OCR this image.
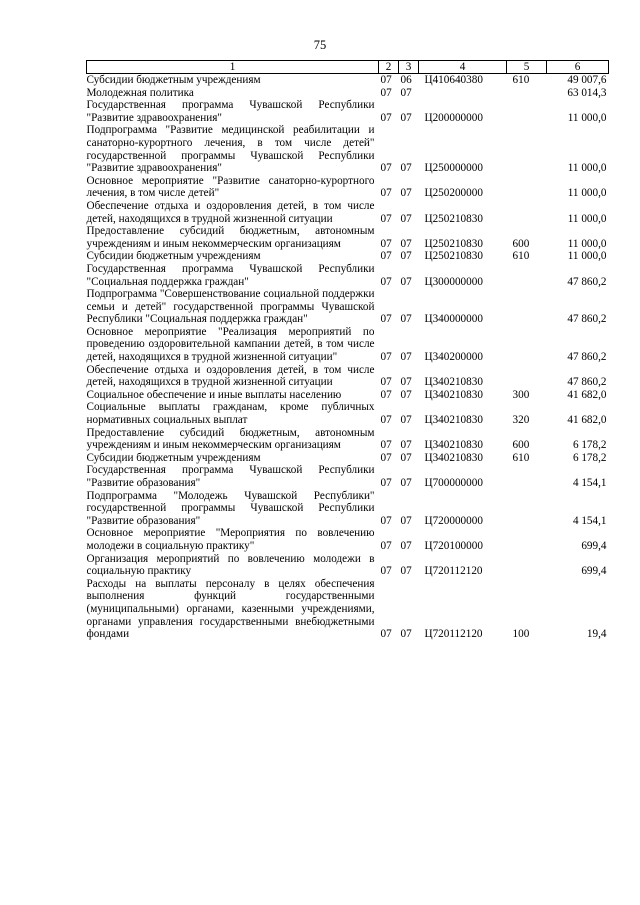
75
1	2	3	4	5	6
Субсидии бюджетным учреждениям	07	06	Ц410640380	610	49 007,6
Молодежная политика	07	07			63 014,3
Государственная программа Чувашской Республики "Развитие здравоохранения"	07	07	Ц200000000		11 000,0
Подпрограмма "Развитие медицинской реабилитации и санаторно-курортного лечения, в том числе детей" государственной программы Чувашской Республики "Развитие здравоохранения"	07	07	Ц250000000		11 000,0
Основное мероприятие "Развитие санаторно-курортного лечения, в том числе детей"	07	07	Ц250200000		11 000,0
Обеспечение отдыха и оздоровления детей, в том числе детей, находящихся в трудной жизненной ситуации	07	07	Ц250210830		11 000,0
Предоставление субсидий бюджетным, автономным учреждениям и иным некоммерческим организациям	07	07	Ц250210830	600	11 000,0
Субсидии бюджетным учреждениям	07	07	Ц250210830	610	11 000,0
Государственная программа Чувашской Республики "Социальная поддержка граждан"	07	07	Ц300000000		47 860,2
Подпрограмма "Совершенствование социальной поддержки семьи и детей" государственной программы Чувашской Республики "Социальная поддержка граждан"	07	07	Ц340000000		47 860,2
Основное мероприятие "Реализация мероприятий по проведению оздоровительной кампании детей, в том числе детей, находящихся в трудной жизненной ситуации"	07	07	Ц340200000		47 860,2
Обеспечение отдыха и оздоровления детей, в том числе детей, находящихся в трудной жизненной ситуации	07	07	Ц340210830		47 860,2
Социальное обеспечение и иные выплаты населению	07	07	Ц340210830	300	41 682,0
Социальные выплаты гражданам, кроме публичных нормативных социальных выплат	07	07	Ц340210830	320	41 682,0
Предоставление субсидий бюджетным, автономным учреждениям и иным некоммерческим организациям	07	07	Ц340210830	600	6 178,2
Субсидии бюджетным учреждениям	07	07	Ц340210830	610	6 178,2
Государственная программа Чувашской Республики "Развитие образования"	07	07	Ц700000000		4 154,1
Подпрограмма "Молодежь Чувашской Республики" государственной программы Чувашской Республики "Развитие образования"	07	07	Ц720000000		4 154,1
Основное мероприятие "Мероприятия по вовлечению молодежи в социальную практику"	07	07	Ц720100000		699,4
Организация мероприятий по вовлечению молодежи в социальную практику	07	07	Ц720112120		699,4
Расходы на выплаты персоналу в целях обеспечения выполнения функций государственными (муниципальными) органами, казенными учреждениями, органами управления государственными внебюджетными фондами	07	07	Ц720112120	100	19,4
